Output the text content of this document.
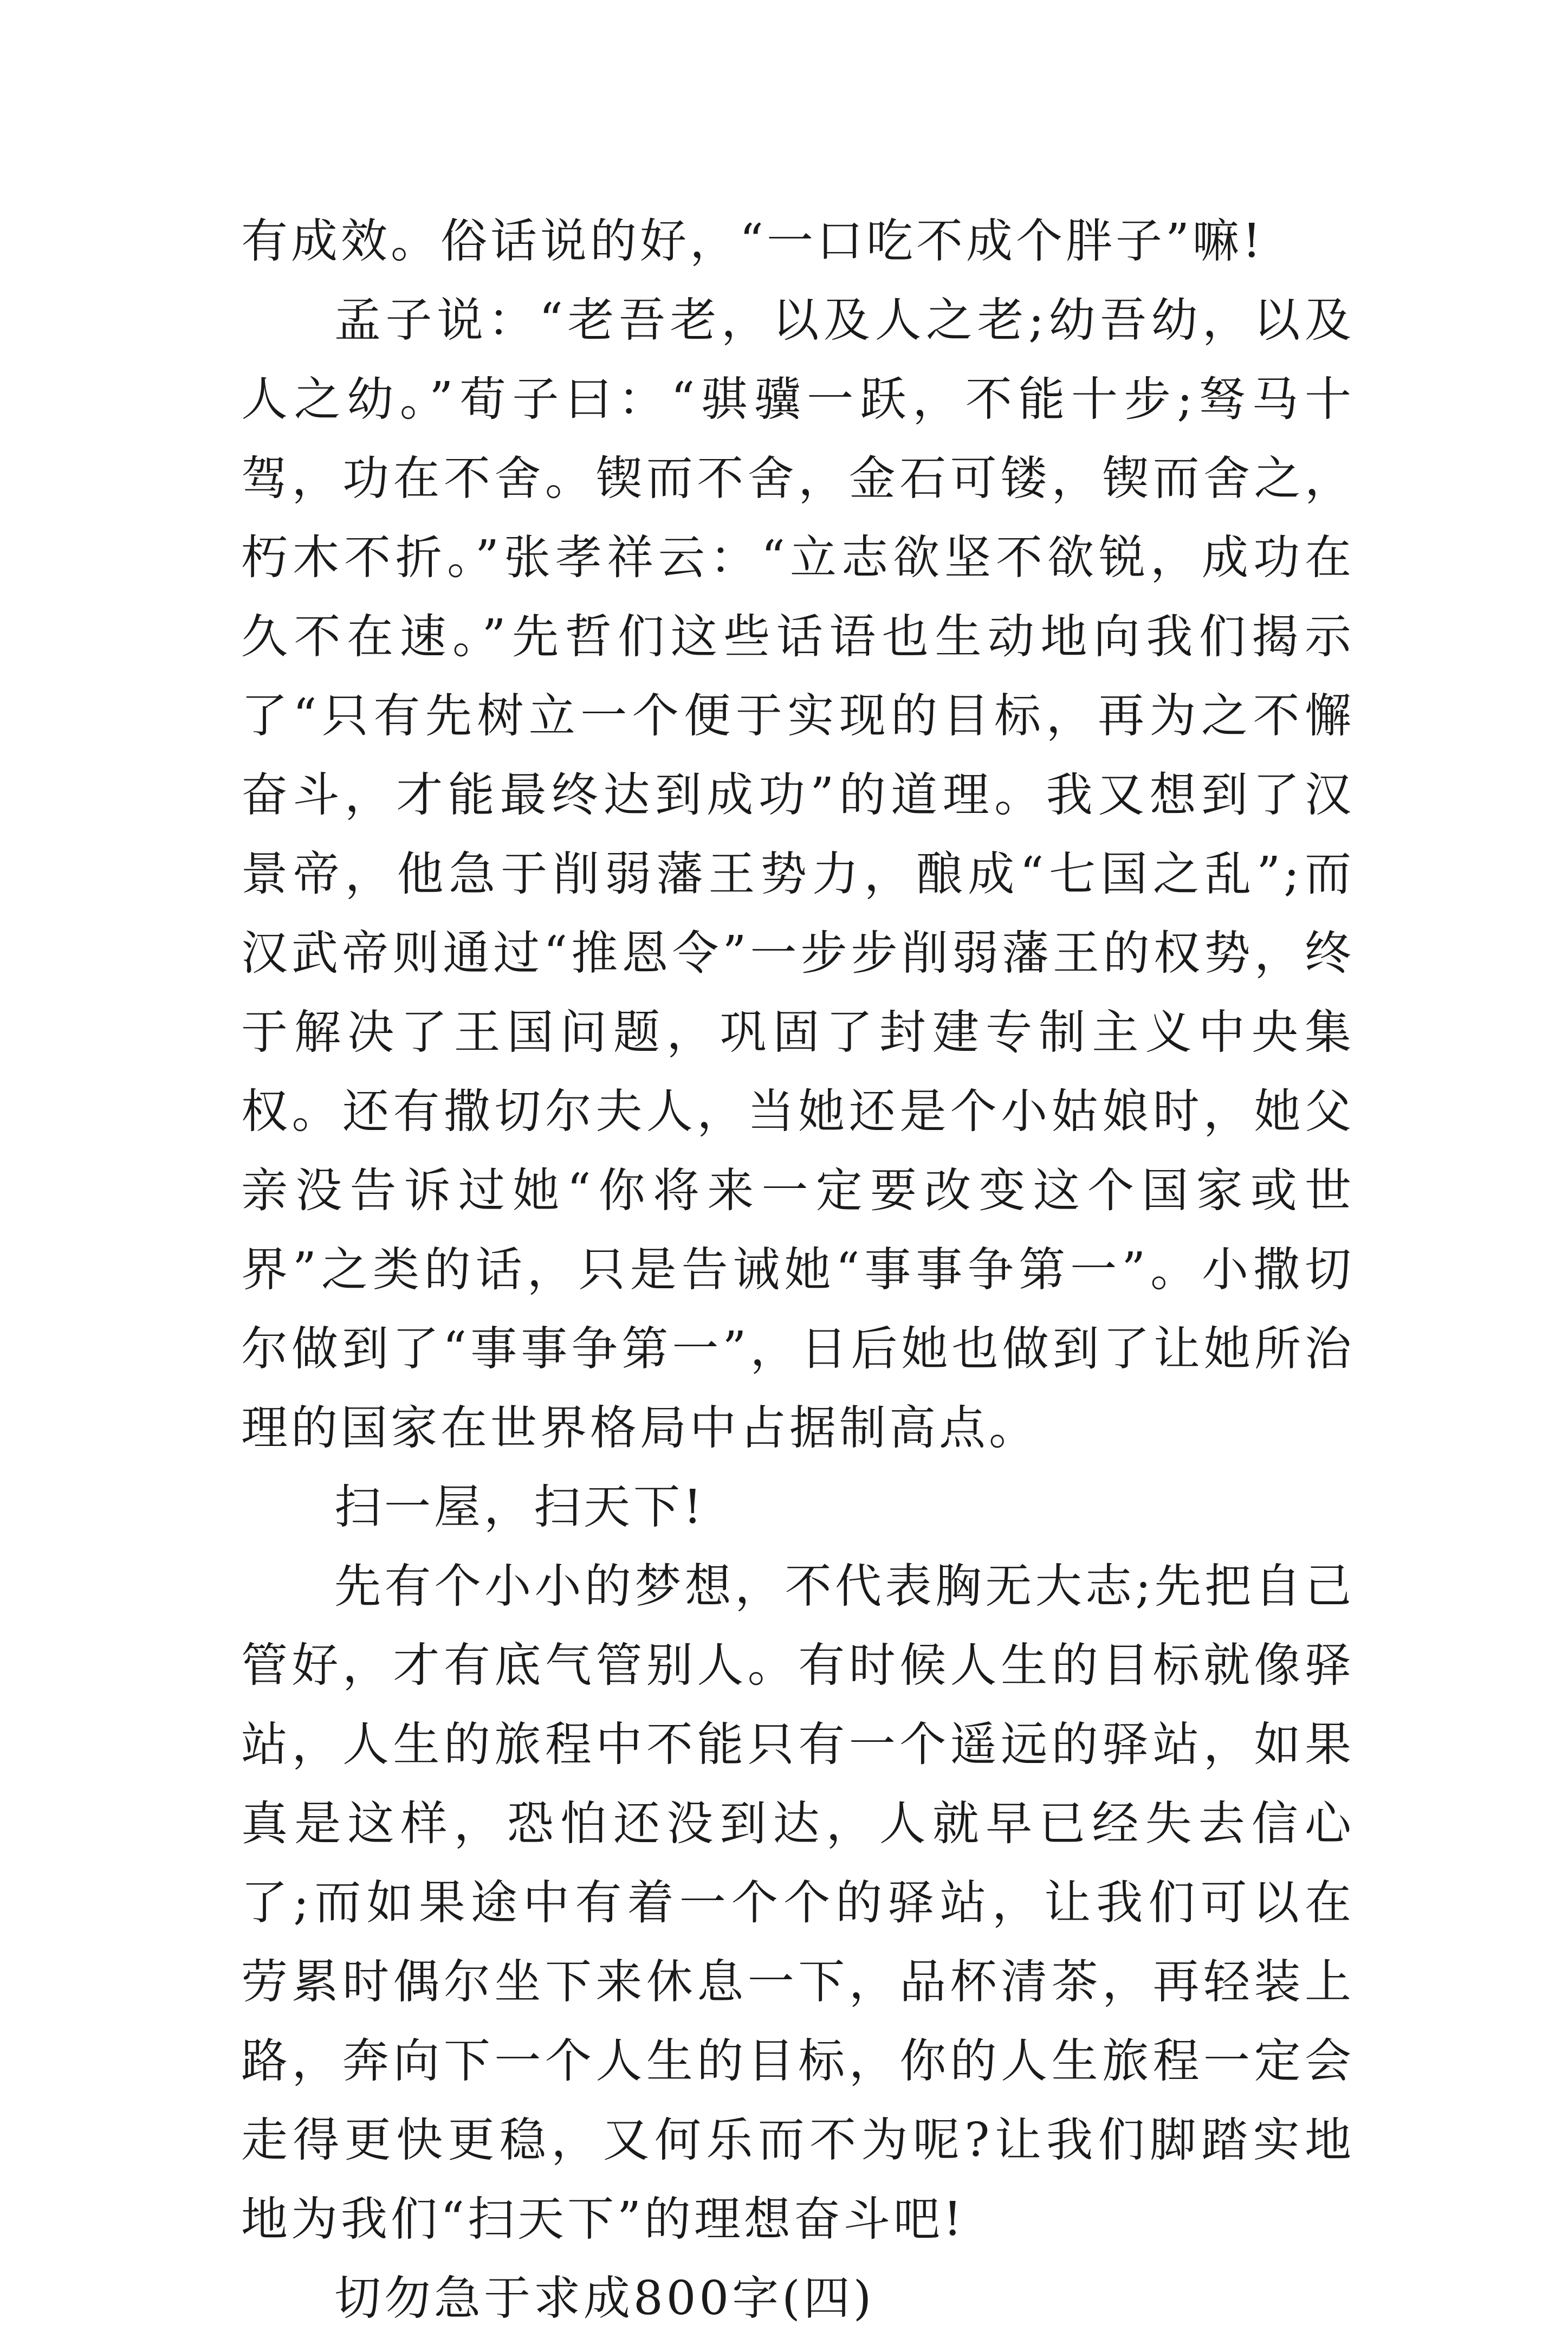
有成效。俗话说的好，“一口吃不成个胖子”嘛!

孟子说：“老吾老，以及人之老;幼吾幼，以及人之幼。”荀子曰：“骐骥一跃，不能十步;驽马十驾，功在不舍。锲而不舍，金石可镂，锲而舍之，朽木不折。”张孝祥云：“立志欲坚不欲锐，成功在久不在速。”先哲们这些话语也生动地向我们揭示了“只有先树立一个便于实现的目标，再为之不懈奋斗，才能最终达到成功”的道理。我又想到了汉景帝，他急于削弱藩王势力，酿成“七国之乱”;而汉武帝则通过“推恩令”一步步削弱藩王的权势，终于解决了王国问题，巩固了封建专制主义中央集权。还有撒切尔夫人，当她还是个小姑娘时，她父亲没告诉过她“你将来一定要改变这个国家或世界”之类的话，只是告诫她“事事争第一”。小撒切尔做到了“事事争第一”，日后她也做到了让她所治理的国家在世界格局中占据制高点。

扫一屋，扫天下!

先有个小小的梦想，不代表胸无大志;先把自己管好，才有底气管别人。有时候人生的目标就像驿站，人生的旅程中不能只有一个遥远的驿站，如果真是这样，恐怕还没到达，人就早已经失去信心了;而如果途中有着一个个的驿站，让我们可以在劳累时偶尔坐下来休息一下，品杯清茶，再轻装上路，奔向下一个人生的目标，你的人生旅程一定会走得更快更稳，又何乐而不为呢?让我们脚踏实地地为我们“扫天下”的理想奋斗吧!

切勿急于求成800字(四)
